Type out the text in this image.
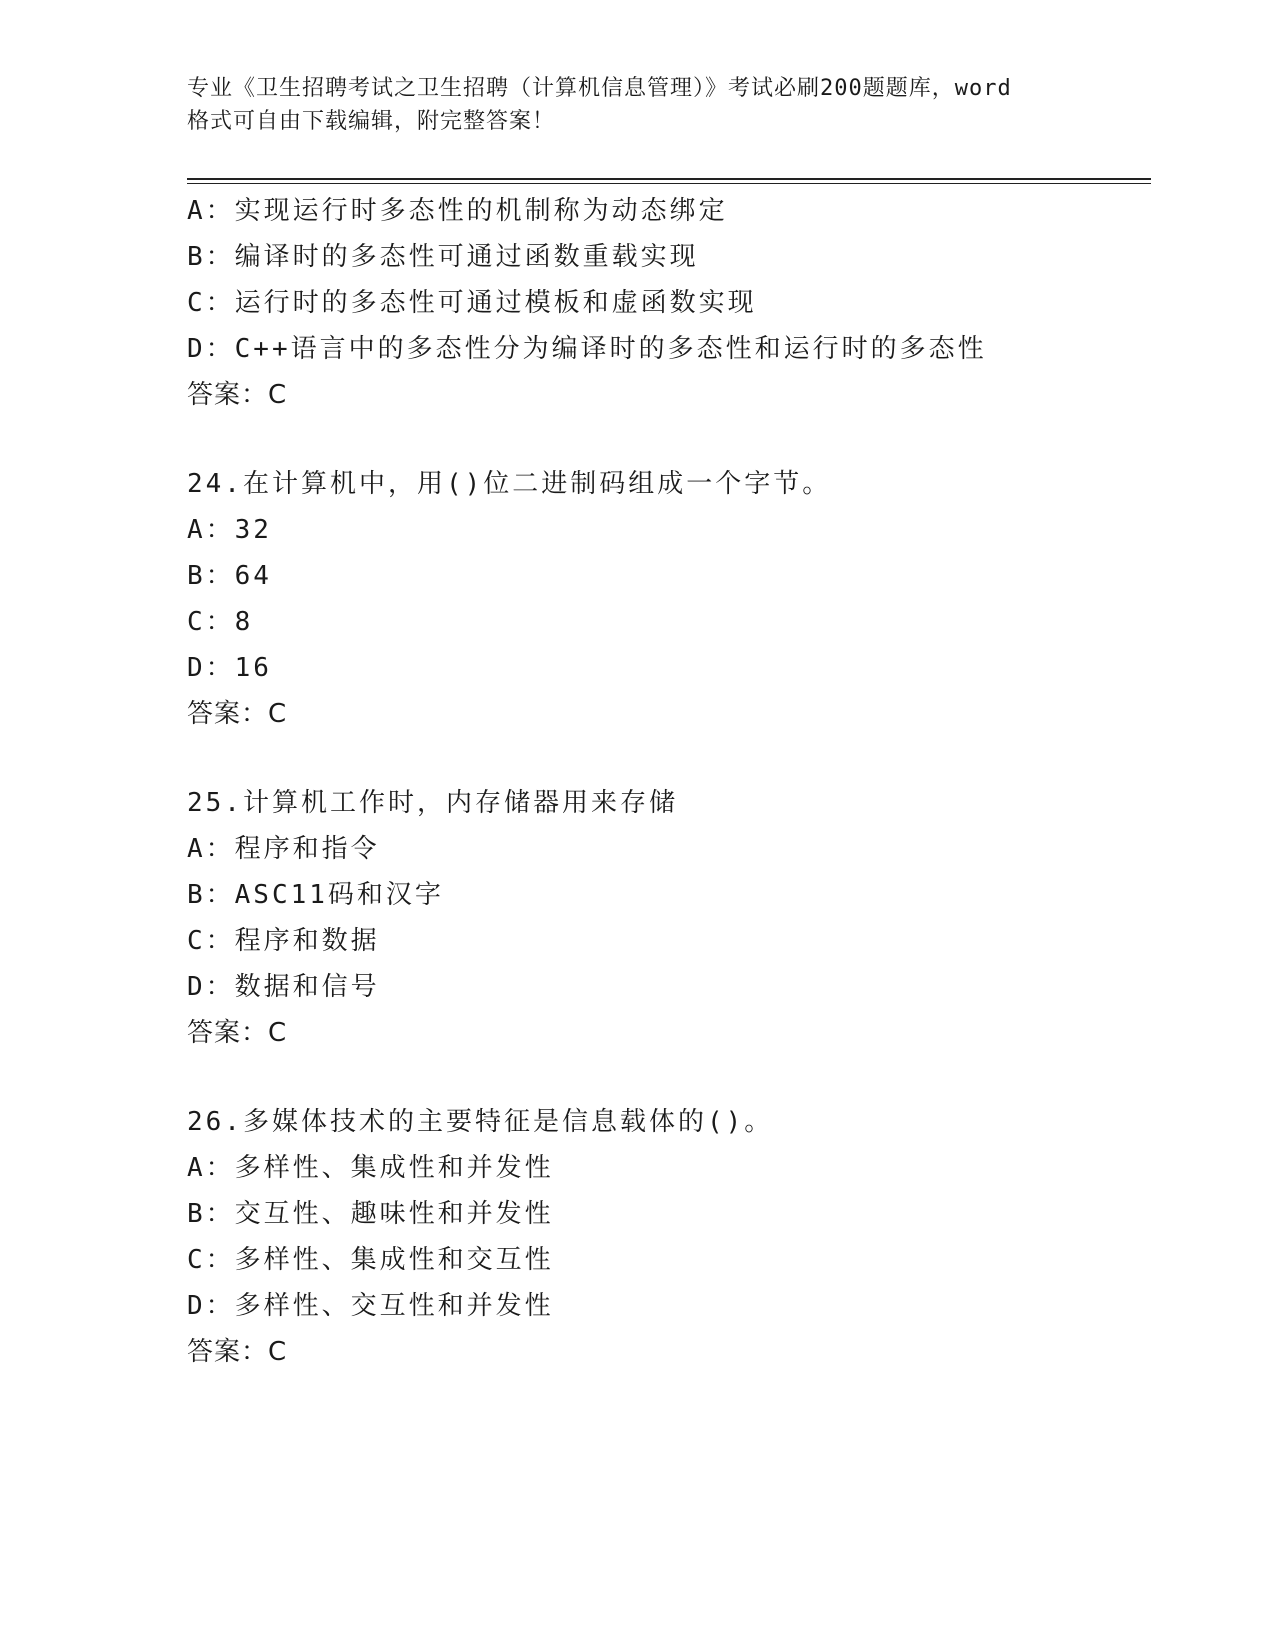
专业《卫生招聘考试之卫生招聘（计算机信息管理）》考试必刷200题题库，word
格式可自由下载编辑，附完整答案！
A：实现运行时多态性的机制称为动态绑定
B：编译时的多态性可通过函数重载实现
C：运行时的多态性可通过模板和虚函数实现
D：C++语言中的多态性分为编译时的多态性和运行时的多态性
答案：C
24.在计算机中，用()位二进制码组成一个字节。
A：32
B：64
C：8
D：16
答案：C
25.计算机工作时，内存储器用来存储
A：程序和指令
B：ASC11码和汉字
C：程序和数据
D：数据和信号
答案：C
26.多媒体技术的主要特征是信息载体的()。
A：多样性、集成性和并发性
B：交互性、趣味性和并发性
C：多样性、集成性和交互性
D：多样性、交互性和并发性
答案：C
